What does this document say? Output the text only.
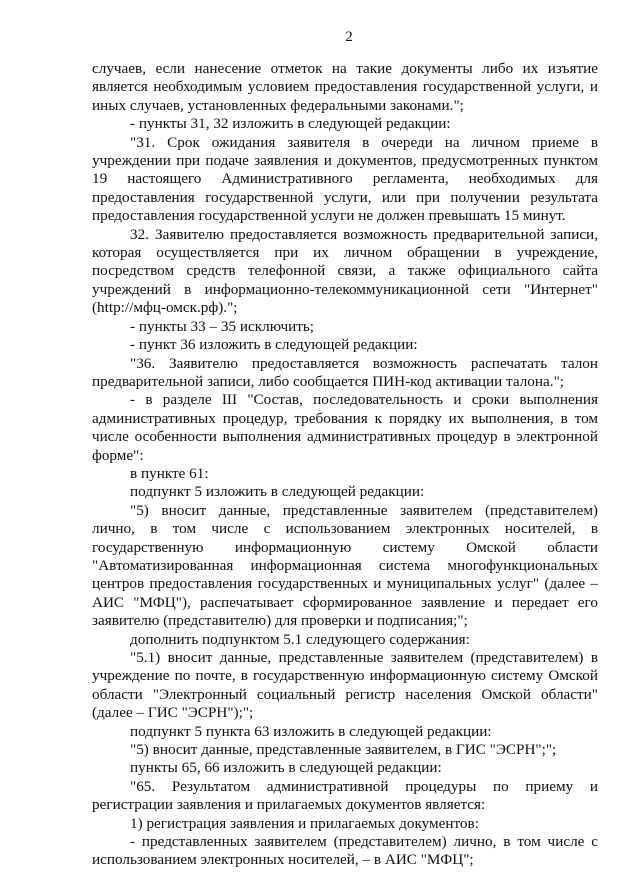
2

случаев, если нанесение отметок на такие документы либо их изъятие является необходимым условием предоставления государственной услуги, и иных случаев, установленных федеральными законами.";

- пункты 31, 32 изложить в следующей редакции:

"31. Срок ожидания заявителя в очереди на личном приеме в учреждении при подаче заявления и документов, предусмотренных пунктом 19 настоящего Административного регламента, необходимых для предоставления государственной услуги, или при получении результата предоставления государственной услуги не должен превышать 15 минут.

32. Заявителю предоставляется возможность предварительной записи, которая осуществляется при их личном обращении в учреждение, посредством средств телефонной связи, а также официального сайта учреждений в информационно-телекоммуникационной сети "Интернет" (http://мфц-омск.рф).";

- пункты 33 – 35 исключить;

- пункт 36 изложить в следующей редакции:

"36. Заявителю предоставляется возможность распечатать талон предварительной записи, либо сообщается ПИН-код активации талона.";

- в разделе III "Состав, последовательность и сроки выполнения административных процедур, требования к порядку их выполнения, в том числе особенности выполнения административных процедур в электронной форме":

в пункте 61:

подпункт 5 изложить в следующей редакции:

"5) вносит данные, представленные заявителем (представителем) лично, в том числе с использованием электронных носителей, в государственную информационную систему Омской области "Автоматизированная информационная система многофункциональных центров предоставления государственных и муниципальных услуг" (далее – АИС "МФЦ"), распечатывает сформированное заявление и передает его заявителю (представителю) для проверки и подписания;";

дополнить подпунктом 5.1 следующего содержания:

"5.1) вносит данные, представленные заявителем (представителем) в учреждение по почте, в государственную информационную систему Омской области "Электронный социальный регистр населения Омской области" (далее – ГИС "ЭСРН");";

подпункт 5 пункта 63 изложить в следующей редакции:

"5) вносит данные, представленные заявителем, в ГИС "ЭСРН";";

пункты 65, 66 изложить в следующей редакции:

"65. Результатом административной процедуры по приему и регистрации заявления и прилагаемых документов является:

1) регистрация заявления и прилагаемых документов:

- представленных заявителем (представителем) лично, в том числе с использованием электронных носителей, – в АИС "МФЦ";
